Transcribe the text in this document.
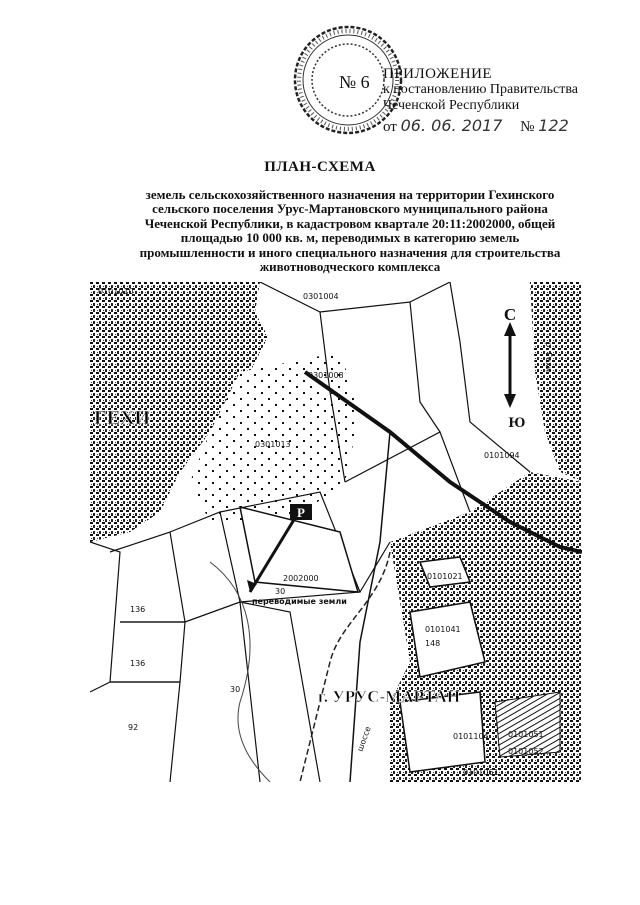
№ 6 ПРИЛОЖЕНИЕ
к постановлению Правительства
Чеченской Республики
от 06. 06. 2017 № 122
ПЛАН-СХЕМА
земель сельскохозяйственного назначения на территории Гехинского
сельского поселения Урус-Мартановского муниципального района
Чеченской Республики, в кадастровом квартале 20:11:2002000, общей
площадью 10 000 кв. м, переводимых в категорию земель
промышленности и иного специального назначения для строительства
животноводческого комплекса
Р
С
Ю
ГЕХИ
г. УРУС-МАРТАН
0301004
0301008
0301013
2002000
0101094
0101021
0101041
0101104
0101061
0101010
0101051
0101052
30
30
136
136
92
148
переводимые земли
шоссе
р. Гехи
